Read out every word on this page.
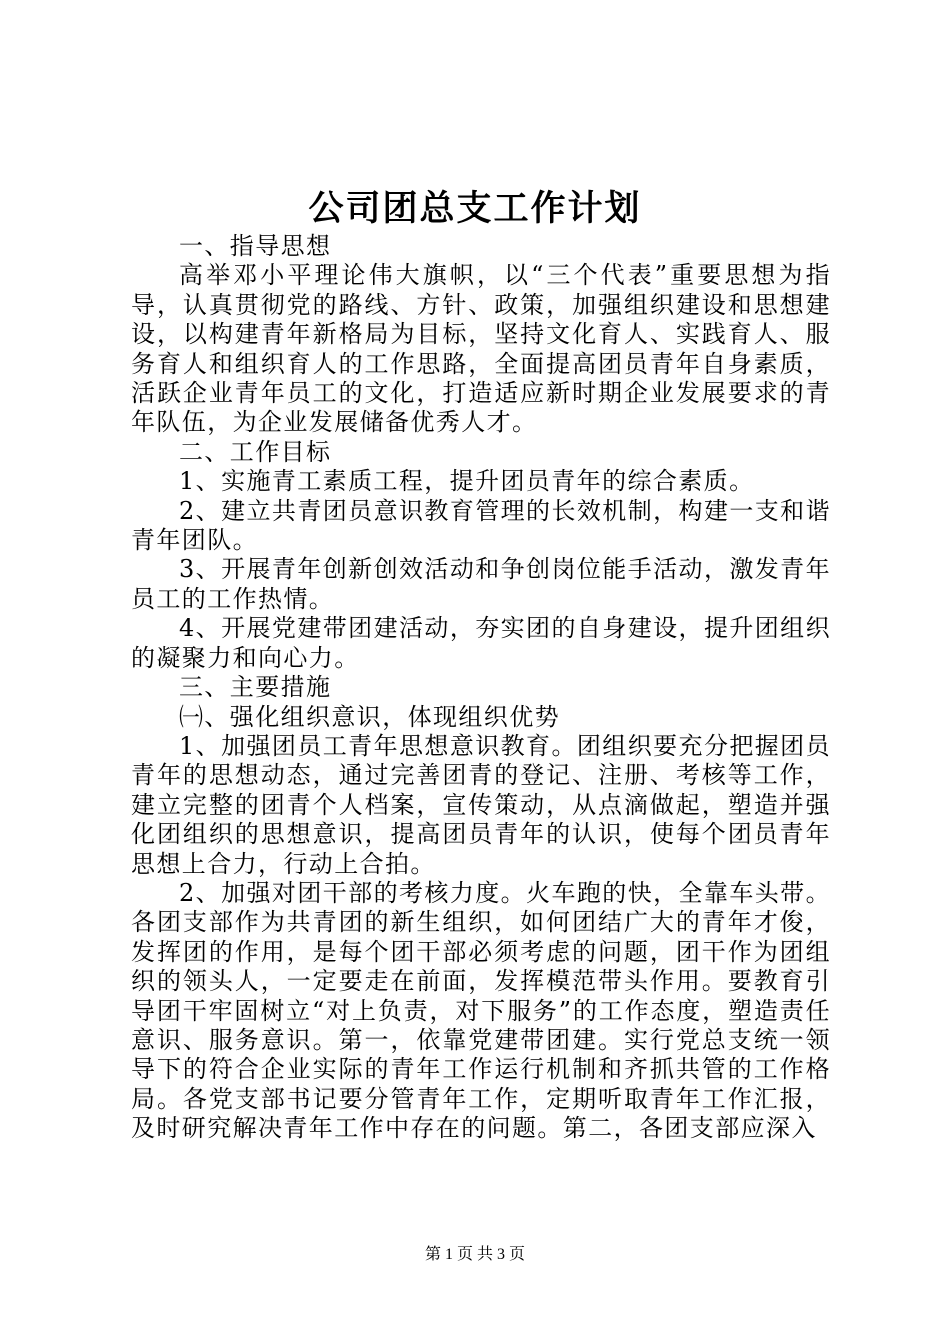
公司团总支工作计划

一、指导思想

高举邓小平理论伟大旗帜，以“三个代表”重要思想为指导，认真贯彻党的路线、方针、政策，加强组织建设和思想建设，以构建青年新格局为目标，坚持文化育人、实践育人、服务育人和组织育人的工作思路，全面提高团员青年自身素质，活跃企业青年员工的文化，打造适应新时期企业发展要求的青年队伍，为企业发展储备优秀人才。

二、工作目标

1、实施青工素质工程，提升团员青年的综合素质。

2、建立共青团员意识教育管理的长效机制，构建一支和谐青年团队。

3、开展青年创新创效活动和争创岗位能手活动，激发青年员工的工作热情。

4、开展党建带团建活动，夯实团的自身建设，提升团组织的凝聚力和向心力。

三、主要措施

㈠、强化组织意识，体现组织优势

1、加强团员工青年思想意识教育。团组织要充分把握团员青年的思想动态，通过完善团青的登记、注册、考核等工作，建立完整的团青个人档案，宣传策动，从点滴做起，塑造并强化团组织的思想意识，提高团员青年的认识，使每个团员青年思想上合力，行动上合拍。

2、加强对团干部的考核力度。火车跑的快，全靠车头带。各团支部作为共青团的新生组织，如何团结广大的青年才俊，发挥团的作用，是每个团干部必须考虑的问题，团干作为团组织的领头人，一定要走在前面，发挥模范带头作用。要教育引导团干牢固树立“对上负责，对下服务”的工作态度，塑造责任意识、服务意识。第一，依靠党建带团建。实行党总支统一领导下的符合企业实际的青年工作运行机制和齐抓共管的工作格局。各党支部书记要分管青年工作，定期听取青年工作汇报，及时研究解决青年工作中存在的问题。第二，各团支部应深入

第 1 页 共 3 页
